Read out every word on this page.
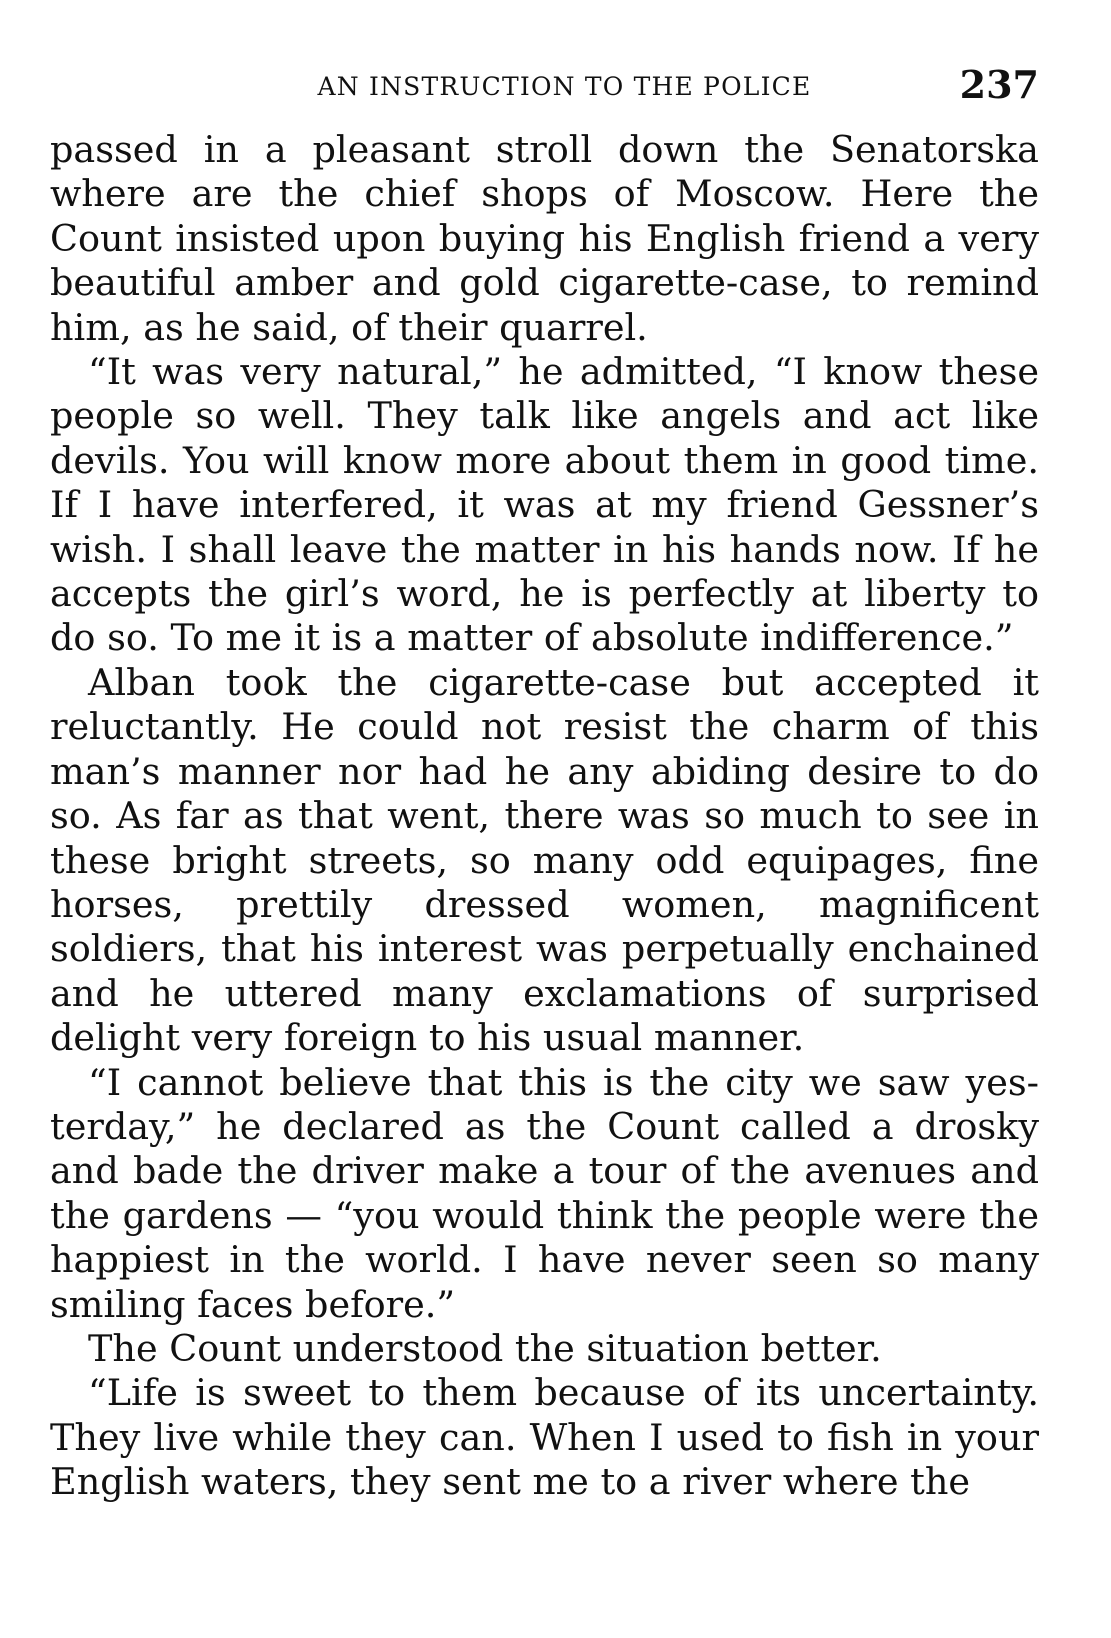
AN INSTRUCTION TO THE POLICE	237

passed in a pleasant stroll down the Senatorska where are the chief shops of Moscow. Here the Count insisted upon buying his English friend a very beautiful amber and gold cigarette-case, to remind him, as he said, of their quarrel.

“It was very natural,” he admitted, “I know these people so well. They talk like angels and act like devils. You will know more about them in good time. If I have interfered, it was at my friend Gessner’s wish. I shall leave the matter in his hands now. If he accepts the girl’s word, he is perfectly at liberty to do so. To me it is a matter of absolute indifference.”

Alban took the cigarette-case but accepted it reluctantly. He could not resist the charm of this man’s manner nor had he any abiding desire to do so. As far as that went, there was so much to see in these bright streets, so many odd equipages, fine horses, prettily dressed women, magnificent soldiers, that his interest was perpetually enchained and he uttered many exclamations of surprised delight very foreign to his usual manner.

“I cannot believe that this is the city we saw yesterday,” he declared as the Count called a drosky and bade the driver make a tour of the avenues and the gardens — “you would think the people were the happiest in the world. I have never seen so many smiling faces before.”

The Count understood the situation better.

“Life is sweet to them because of its uncertainty. They live while they can. When I used to fish in your English waters, they sent me to a river where the
